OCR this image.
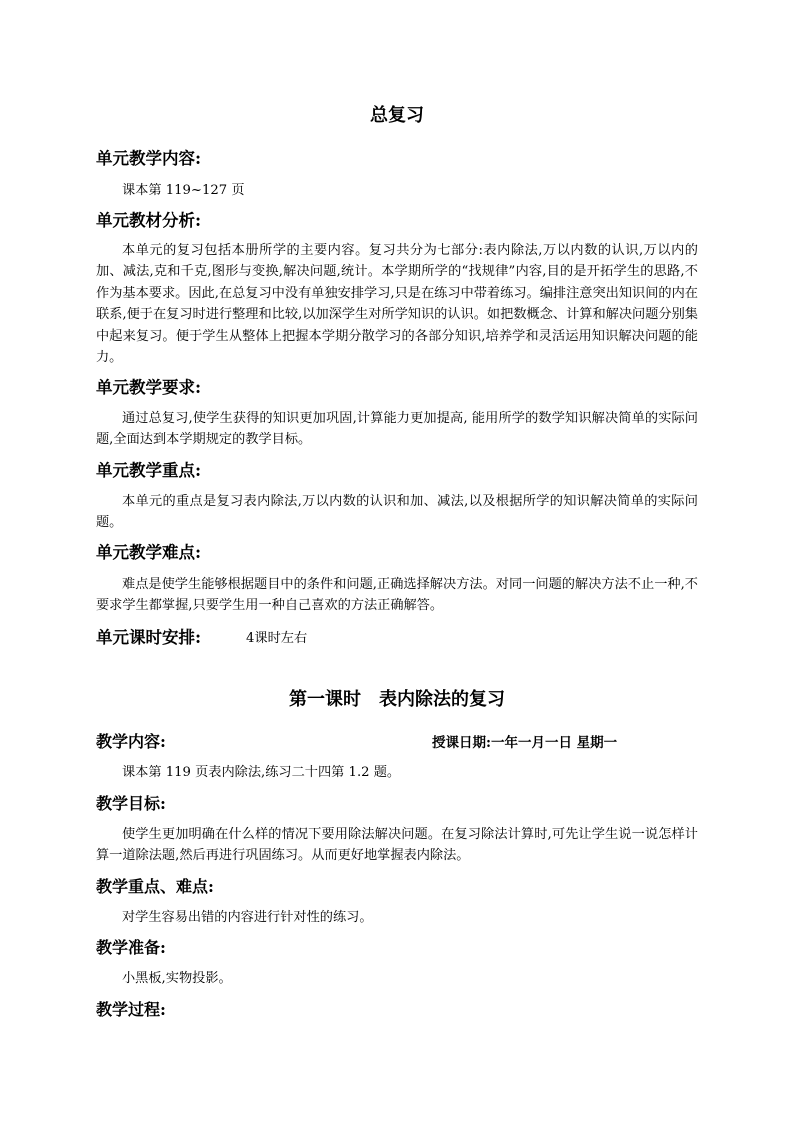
总复习
单元教学内容:
课本第 119~127 页
单元教材分析:

本单元的复习包括本册所学的主要内容。复习共分为七部分:表内除法,万以内数的认识,万以内的加、减法,克和千克,图形与变换,解决问题,统计。本学期所学的“找规律”内容,目的是开拓学生的思路,不作为基本要求。因此,在总复习中没有单独安排学习,只是在练习中带着练习。编排注意突出知识间的内在联系,便于在复习时进行整理和比较,以加深学生对所学知识的认识。如把数概念、计算和解决问题分别集中起来复习。便于学生从整体上把握本学期分散学习的各部分知识,培养学和灵活运用知识解决问题的能力。

单元教学要求:

通过总复习,使学生获得的知识更加巩固,计算能力更加提高, 能用所学的数学知识解决简单的实际问题,全面达到本学期规定的教学目标。

单元教学重点:

本单元的重点是复习表内除法,万以内数的认识和加、减法,以及根据所学的知识解决简单的实际问题。

单元教学难点:

难点是使学生能够根据题目中的条件和问题,正确选择解决方法。对同一问题的解决方法不止一种,不要求学生都掌握,只要学生用一种自己喜欢的方法正确解答。

单元课时安排:	4课时左右
第一课时　表内除法的复习
教学内容:	授课日期:一年一月一日 星期一
课本第 119 页表内除法,练习二十四第 1.2 题。
教学目标:

使学生更加明确在什么样的情况下要用除法解决问题。在复习除法计算时,可先让学生说一说怎样计算一道除法题,然后再进行巩固练习。从而更好地掌握表内除法。

教学重点、难点:
对学生容易出错的内容进行针对性的练习。
教学准备:
小黑板,实物投影。
教学过程:
